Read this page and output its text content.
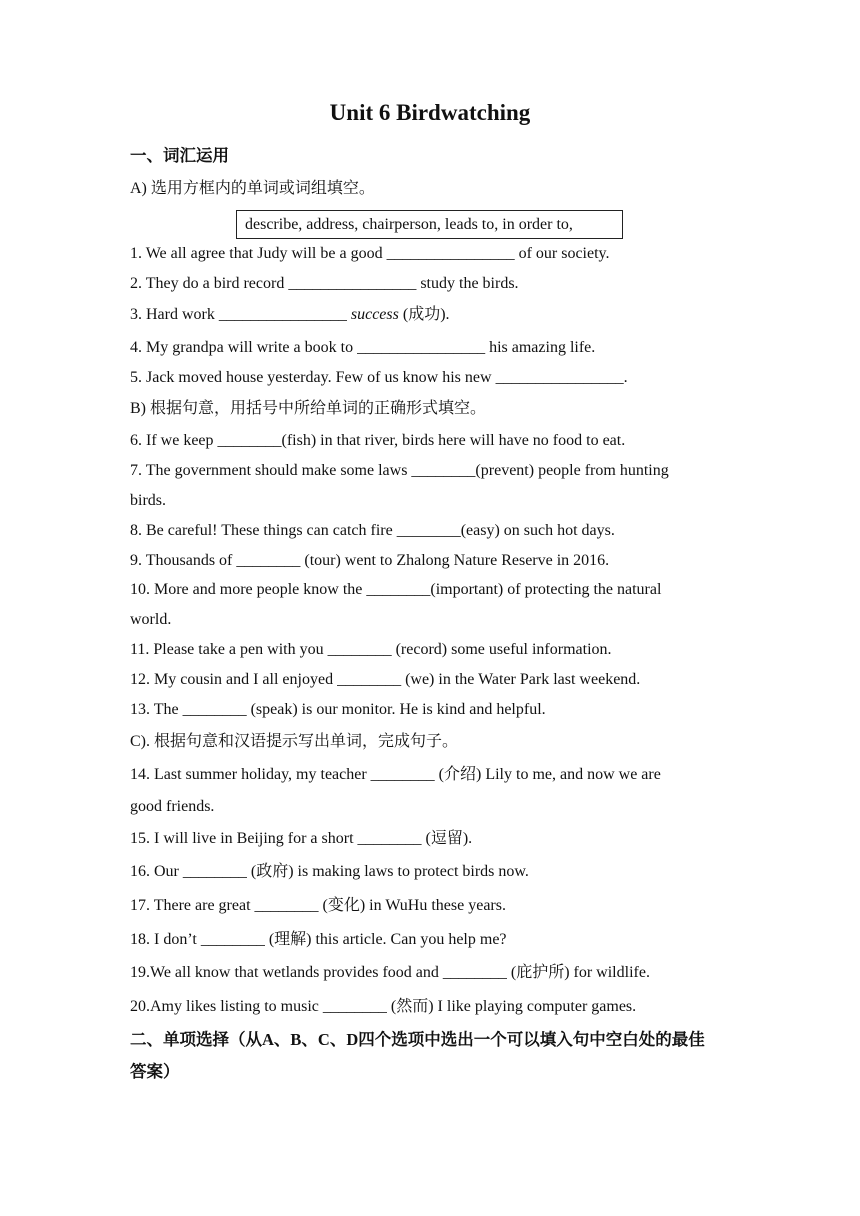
Unit 6 Birdwatching
一、词汇运用
A) 选用方框内的单词或词组填空。
describe, address, chairperson, leads to, in order to,
1. We all agree that Judy will be a good ________________ of our society.
2. They do a bird record ________________ study the birds.
3. Hard work ________________ success (成功).
4. My grandpa will write a book to ________________ his amazing life.
5. Jack moved house yesterday. Few of us know his new ________________.
B) 根据句意，用括号中所给单词的正确形式填空。
6. If we keep ________(fish) in that river, birds here will have no food to eat.
7. The government should make some laws ________(prevent) people from hunting
birds.
8. Be careful! These things can catch fire ________(easy) on such hot days.
9. Thousands of ________ (tour) went to Zhalong Nature Reserve in 2016.
10. More and more people know the ________(important) of protecting the natural
world.
11. Please take a pen with you ________ (record) some useful information.
12. My cousin and I all enjoyed ________ (we) in the Water Park last weekend.
13. The ________ (speak) is our monitor. He is kind and helpful.
C). 根据句意和汉语提示写出单词，完成句子。
14. Last summer holiday, my teacher ________ (介绍) Lily to me, and now we are
good friends.
15. I will live in Beijing for a short ________ (逗留).
16. Our ________ (政府) is making laws to protect birds now.
17. There are great ________ (变化) in WuHu these years.
18. I don’t ________ (理解) this article. Can you help me?
19.We all know that wetlands provides food and ________ (庇护所) for wildlife.
20.Amy likes listing to music ________ (然而) I like playing computer games.
二、单项选择（从A、B、C、D四个选项中选出一个可以填入句中空白处的最佳
答案）
